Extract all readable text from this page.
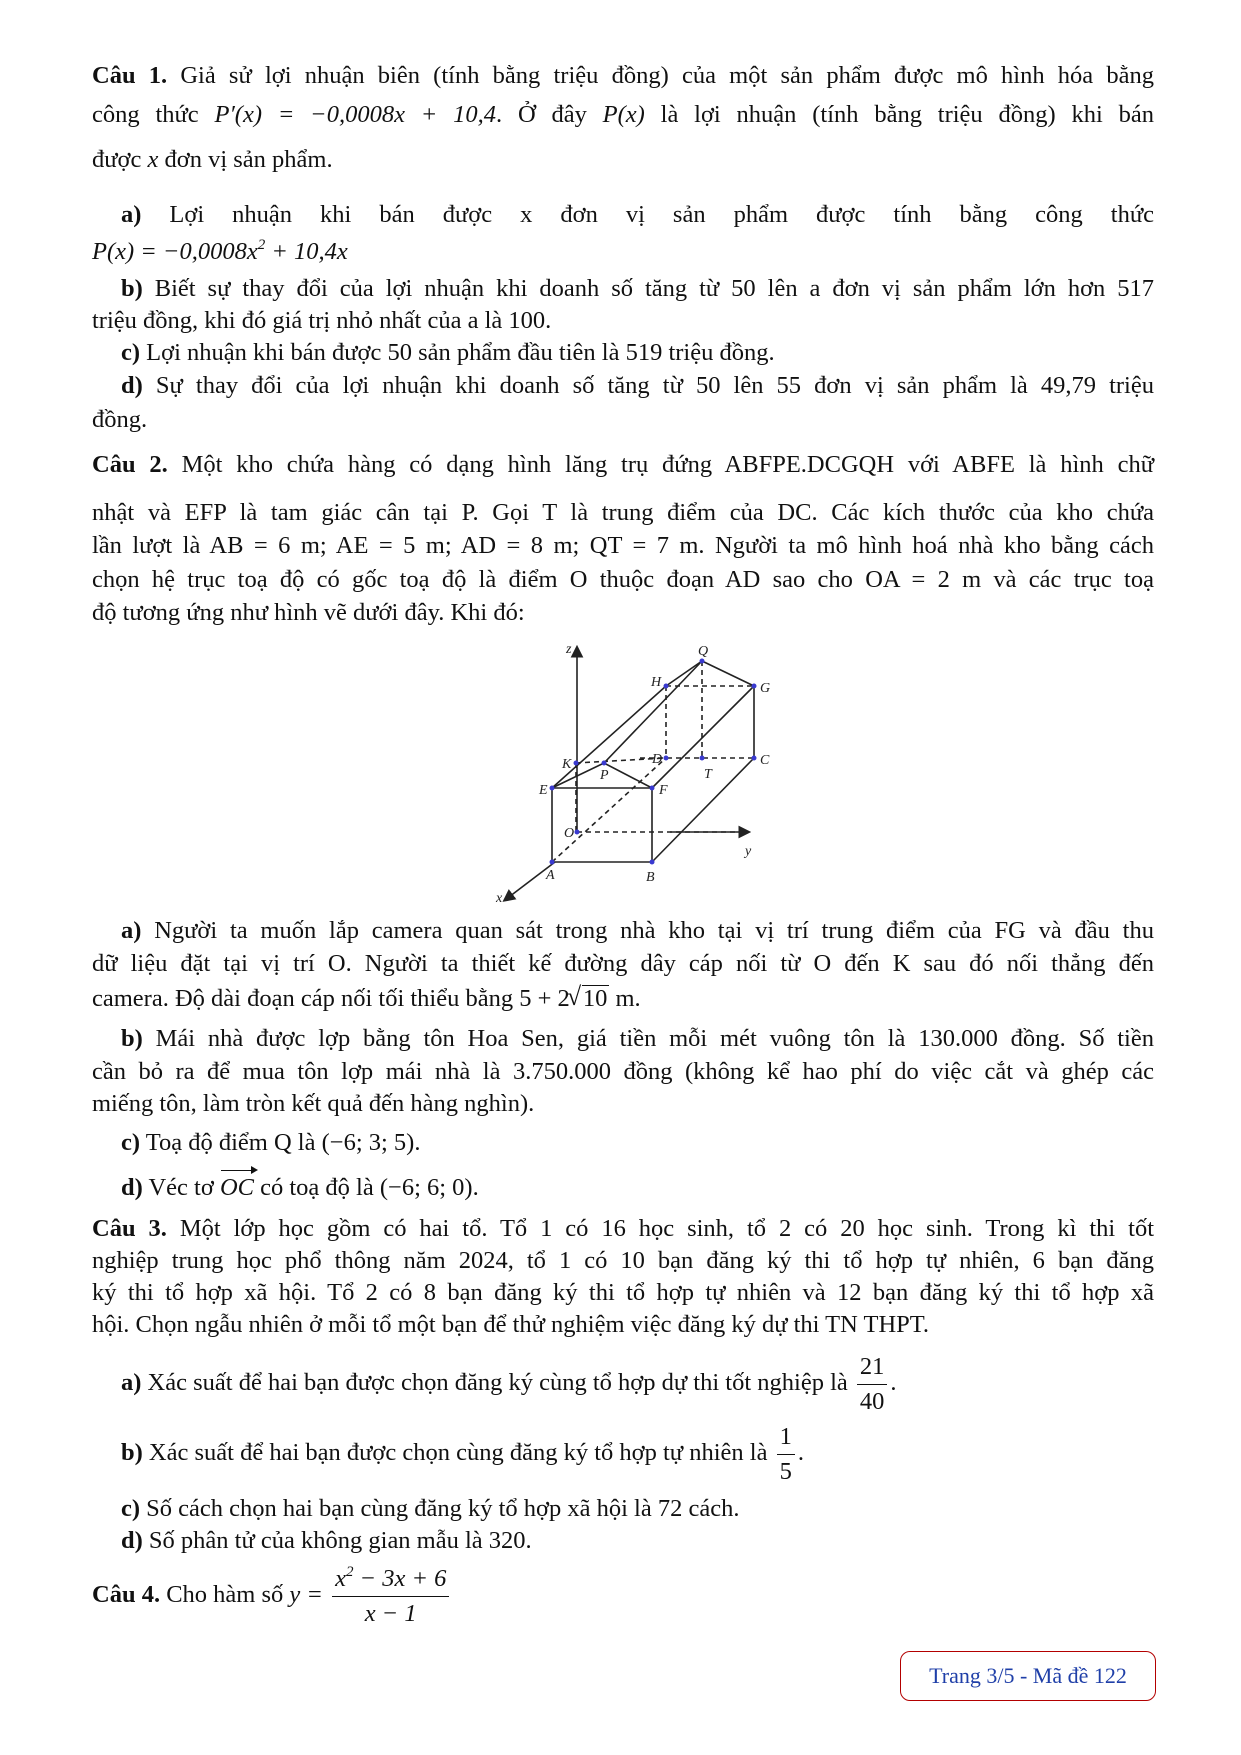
Câu 1. Giả sử lợi nhuận biên (tính bằng triệu đồng) của một sản phẩm được mô hình hóa bằng
công thức P′(x) = −0,0008x + 10,4. Ở đây P(x) là lợi nhuận (tính bằng triệu đồng) khi bán
được x đơn vị sản phẩm.
a) Lợi nhuận khi bán được x đơn vị sản phẩm được tính bằng công thức
$P(x) = -0,0008x^2 + 10,4x$
b) Biết sự thay đổi của lợi nhuận khi doanh số tăng từ 50 lên a đơn vị sản phẩm lớn hơn 517
triệu đồng, khi đó giá trị nhỏ nhất của a là 100.
c) Lợi nhuận khi bán được 50 sản phẩm đầu tiên là 519 triệu đồng.
d) Sự thay đổi của lợi nhuận khi doanh số tăng từ 50 lên 55 đơn vị sản phẩm là 49,79 triệu
đồng.
Câu 2. Một kho chứa hàng có dạng hình lăng trụ đứng ABFPE.DCGQH với ABFE là hình chữ
nhật và EFP là tam giác cân tại P. Gọi T là trung điểm của DC. Các kích thước của kho chứa
lần lượt là AB = 6 m; AE = 5 m; AD = 8 m; QT = 7 m. Người ta mô hình hoá nhà kho bằng cách
chọn hệ trục toạ độ có gốc toạ độ là điểm O thuộc đoạn AD sao cho OA = 2 m và các trục toạ
độ tương ứng như hình vẽ dưới đây. Khi đó:
z
y
x
Q
H	G
K	D	C
P	T
E	F
O
A	B
a) Người ta muốn lắp camera quan sát trong nhà kho tại vị trí trung điểm của FG và đầu thu
dữ liệu đặt tại vị trí O. Người ta thiết kế đường dây cáp nối từ O đến K sau đó nối thẳng đến
camera. Độ dài đoạn cáp nối tối thiểu bằng 5 + 2√ 10 m.
b) Mái nhà được lợp bằng tôn Hoa Sen, giá tiền mỗi mét vuông tôn là 130.000 đồng. Số tiền
cần bỏ ra để mua tôn lợp mái nhà là 3.750.000 đồng (không kể hao phí do việc cắt và ghép các
miếng tôn, làm tròn kết quả đến hàng nghìn).
c) Toạ độ điểm Q là (−6; 3; 5).
d) Véc tơ OC có toạ độ là (−6; 6; 0).
Câu 3. Một lớp học gồm có hai tổ. Tổ 1 có 16 học sinh, tổ 2 có 20 học sinh. Trong kì thi tốt
nghiệp trung học phổ thông năm 2024, tổ 1 có 10 bạn đăng ký thi tổ hợp tự nhiên, 6 bạn đăng
ký thi tổ hợp xã hội. Tổ 2 có 8 bạn đăng ký thi tổ hợp tự nhiên và 12 bạn đăng ký thi tổ hợp xã
hội. Chọn ngẫu nhiên ở mỗi tổ một bạn để thử nghiệm việc đăng ký dự thi TN THPT.
a) Xác suất để hai bạn được chọn đăng ký cùng tổ hợp dự thi tốt nghiệp là $\frac{21}{40}$ .
b) Xác suất để hai bạn được chọn cùng đăng ký tổ hợp tự nhiên là $\frac{1}{5}$ .
c) Số cách chọn hai bạn cùng đăng ký tổ hợp xã hội là 72 cách.
d) Số phân tử của không gian mẫu là 320.
Câu 4. Cho hàm số $y = \frac{x^2 - 3x + 6}{x - 1}$
Trang 3/5 - Mã đề 122
